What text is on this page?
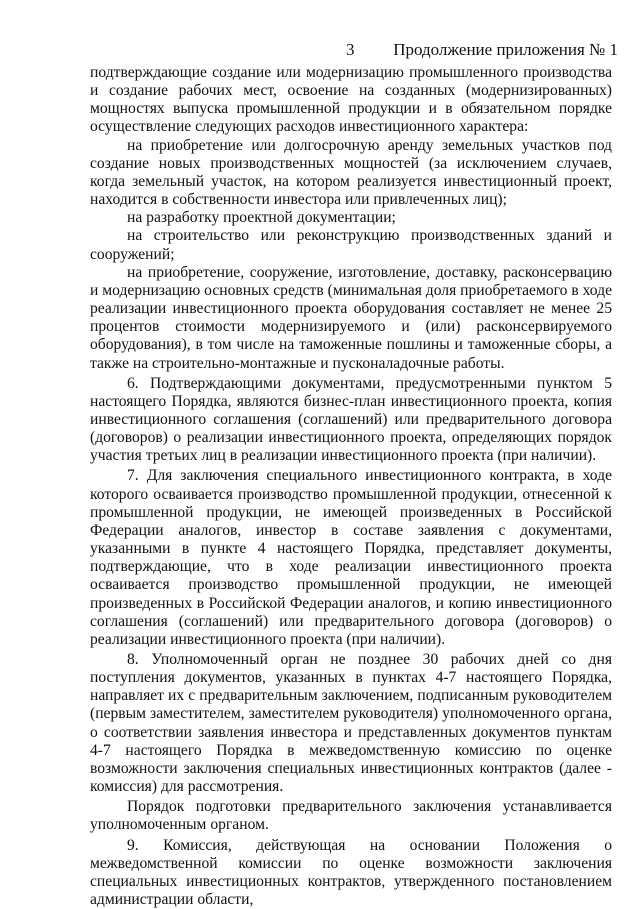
3 Продолжение приложения № 1

подтверждающие создание или модернизацию промышленного производства и создание рабочих мест, освоение на созданных (модернизированных) мощностях выпуска промышленной продукции и в обязательном порядке осуществление следующих расходов инвестиционного характера:

на приобретение или долгосрочную аренду земельных участков под создание новых производственных мощностей (за исключением случаев, когда земельный участок, на котором реализуется инвестиционный проект, находится в собственности инвестора или привлеченных лиц);

на разработку проектной документации;

на строительство или реконструкцию производственных зданий и сооружений;

на приобретение, сооружение, изготовление, доставку, расконсервацию и модернизацию основных средств (минимальная доля приобретаемого в ходе реализации инвестиционного проекта оборудования составляет не менее 25 процентов стоимости модернизируемого и (или) расконсервируемого оборудования), в том числе на таможенные пошлины и таможенные сборы, а также на строительно-монтажные и пусконаладочные работы.

6. Подтверждающими документами, предусмотренными пунктом 5 настоящего Порядка, являются бизнес-план инвестиционного проекта, копия инвестиционного соглашения (соглашений) или предварительного договора (договоров) о реализации инвестиционного проекта, определяющих порядок участия третьих лиц в реализации инвестиционного проекта (при наличии).

7. Для заключения специального инвестиционного контракта, в ходе которого осваивается производство промышленной продукции, отнесенной к промышленной продукции, не имеющей произведенных в Российской Федерации аналогов, инвестор в составе заявления с документами, указанными в пункте 4 настоящего Порядка, представляет документы, подтверждающие, что в ходе реализации инвестиционного проекта осваивается производство промышленной продукции, не имеющей произведенных в Российской Федерации аналогов, и копию инвестиционного соглашения (соглашений) или предварительного договора (договоров) о реализации инвестиционного проекта (при наличии).

8. Уполномоченный орган не позднее 30 рабочих дней со дня поступления документов, указанных в пунктах 4-7 настоящего Порядка, направляет их с предварительным заключением, подписанным руководителем (первым заместителем, заместителем руководителя) уполномоченного органа, о соответствии заявления инвестора и представленных документов пунктам 4-7 настоящего Порядка в межведомственную комиссию по оценке возможности заключения специальных инвестиционных контрактов (далее - комиссия) для рассмотрения.

Порядок подготовки предварительного заключения устанавливается уполномоченным органом.

9. Комиссия, действующая на основании Положения о межведомственной комиссии по оценке возможности заключения специальных инвестиционных контрактов, утвержденного постановлением администрации области,
